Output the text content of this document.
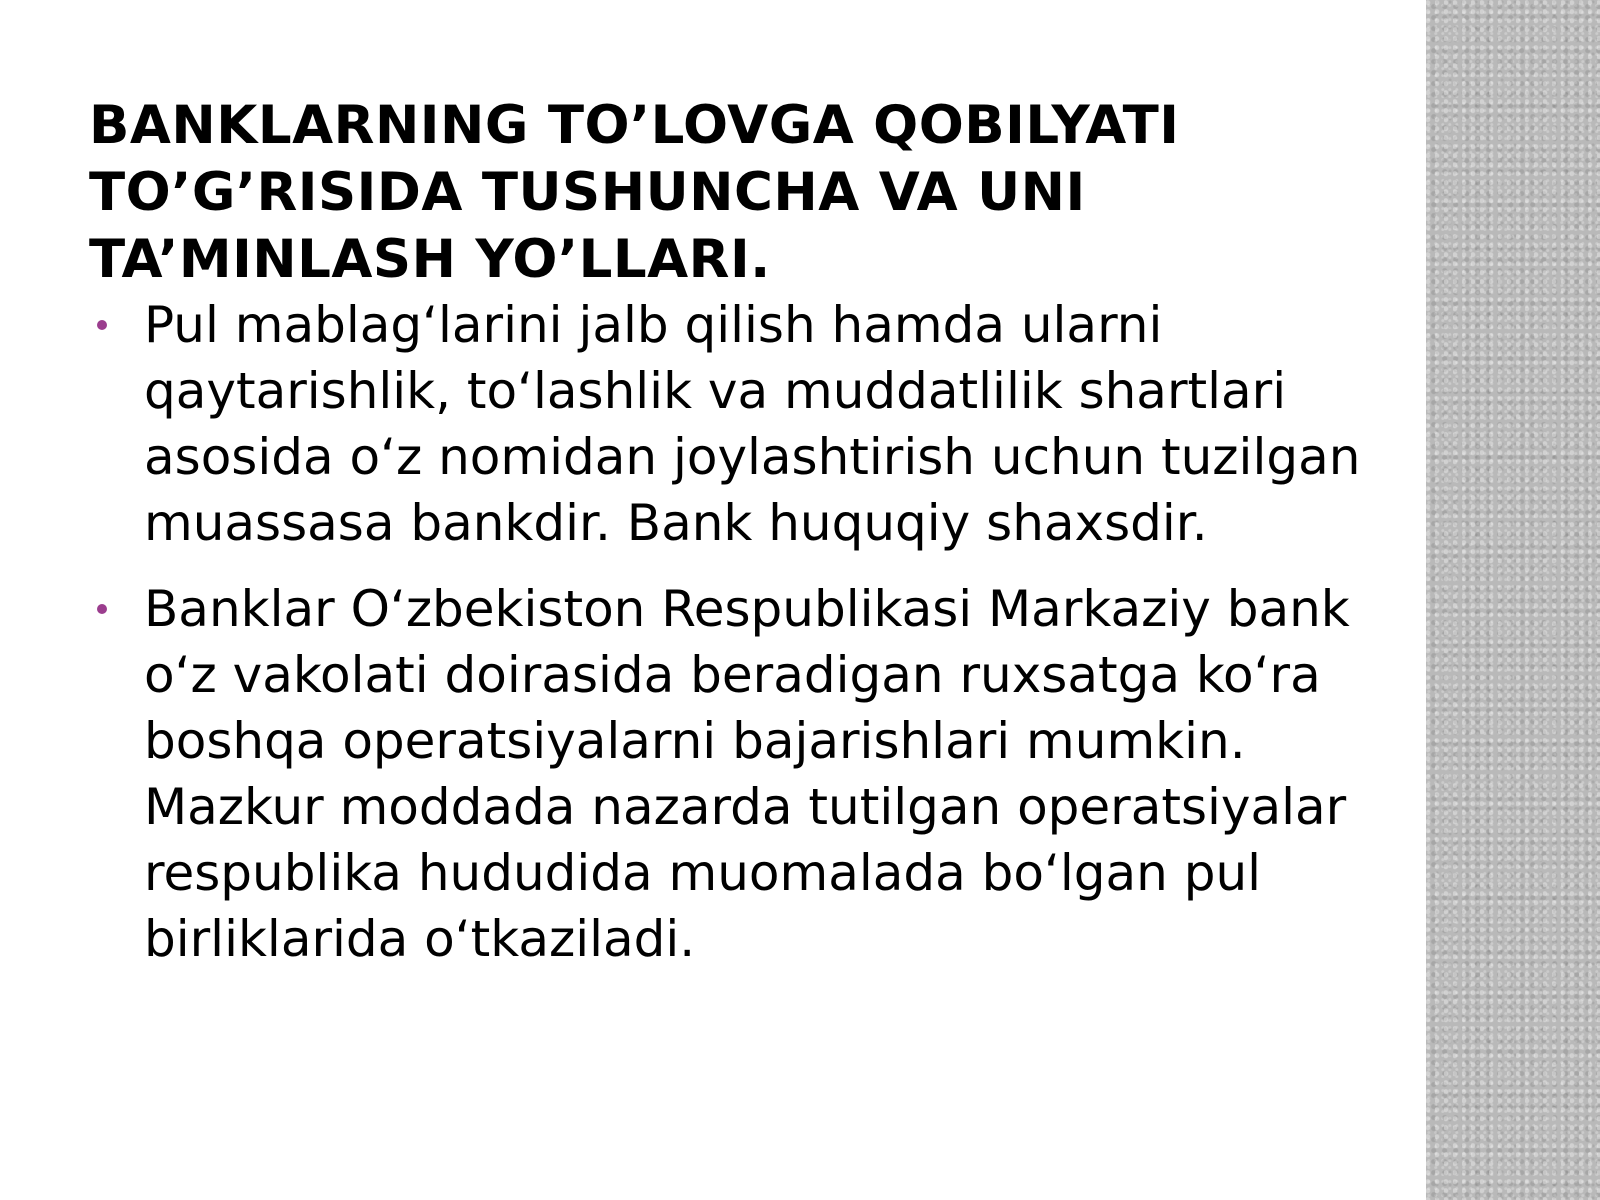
BANKLARNING TO’LOVGA QOBILYATI TO’G’RISIDA TUSHUNCHA VA UNI TA’MINLASH YO’LLARI.
Pul mablag‘larini jalb qilish hamda ularni qaytarishlik, to‘lashlik va muddatlilik shartlari asosida o‘z nomidan joylashtirish uchun tuzilgan muassasa bankdir. Bank huquqiy shaxsdir.
Banklar O‘zbekiston Respublikasi Markaziy bank o‘z vakolati doirasida beradigan ruxsatga ko‘ra boshqa operatsiyalarni bajarishlari mumkin. Mazkur moddada nazarda tutilgan operatsiyalar respublika hududida muomalada bo‘lgan pul birliklarida o‘tkaziladi.
